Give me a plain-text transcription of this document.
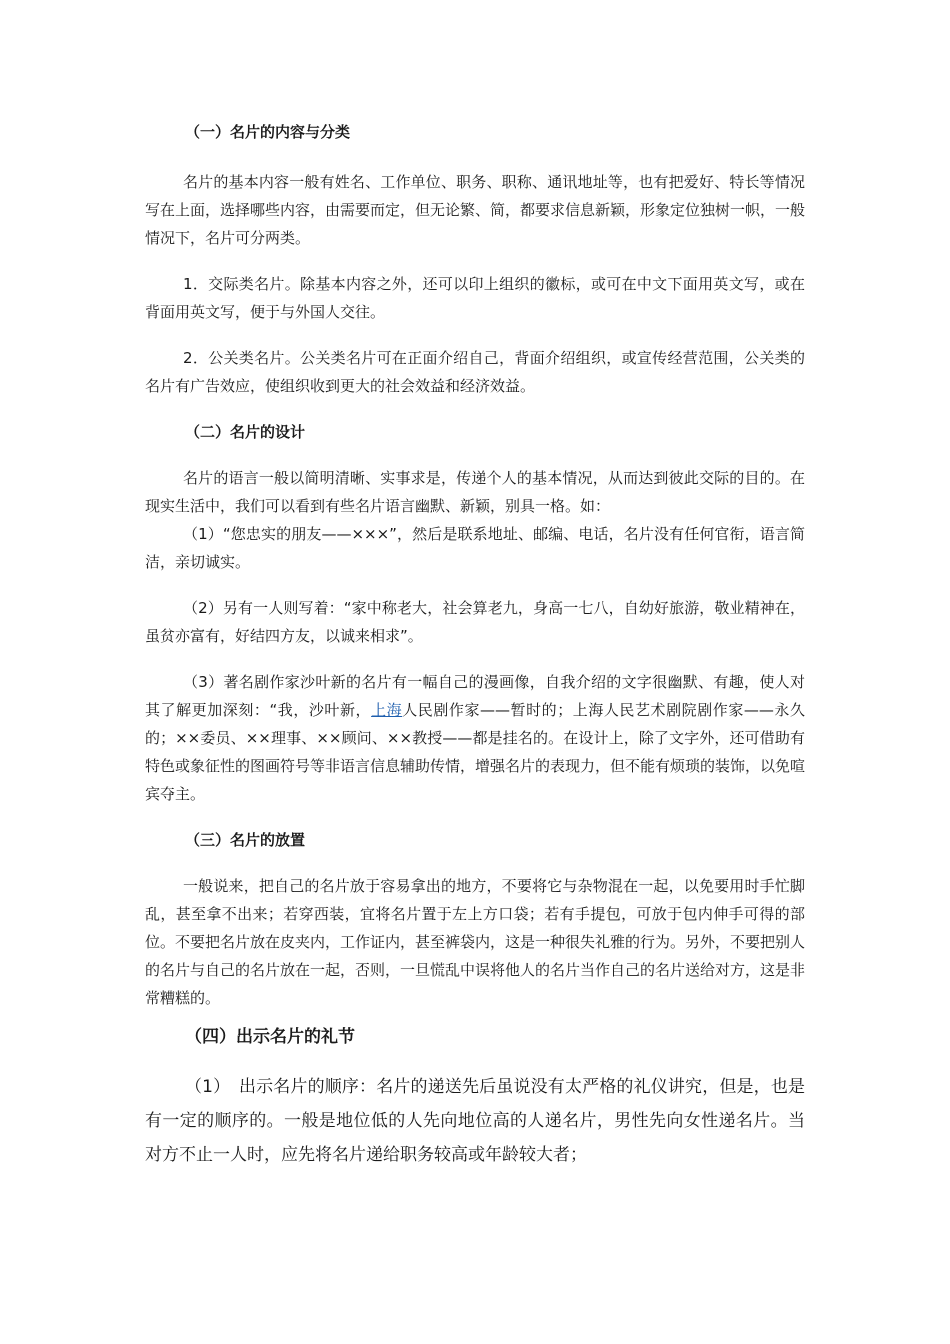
（一）名片的内容与分类

名片的基本内容一般有姓名、工作单位、职务、职称、通讯地址等，也有把爱好、特长等情况写在上面，选择哪些内容，由需要而定，但无论繁、简，都要求信息新颖，形象定位独树一帜，一般情况下，名片可分两类。

1．交际类名片。除基本内容之外，还可以印上组织的徽标，或可在中文下面用英文写，或在背面用英文写，便于与外国人交往。

2．公关类名片。公关类名片可在正面介绍自己，背面介绍组织，或宣传经营范围，公关类的名片有广告效应，使组织收到更大的社会效益和经济效益。

（二）名片的设计

名片的语言一般以简明清晰、实事求是，传递个人的基本情况，从而达到彼此交际的目的。在现实生活中，我们可以看到有些名片语言幽默、新颖，别具一格。如：

（1）“您忠实的朋友——×××”，然后是联系地址、邮编、电话，名片没有任何官衔，语言简洁，亲切诚实。

（2）另有一人则写着：“家中称老大，社会算老九，身高一七八，自幼好旅游，敬业精神在，虽贫亦富有，好结四方友，以诚来相求”。

（3）著名剧作家沙叶新的名片有一幅自己的漫画像，自我介绍的文字很幽默、有趣，使人对其了解更加深刻：“我，沙叶新，上海人民剧作家——暂时的；上海人民艺术剧院剧作家——永久的；××委员、××理事、××顾问、××教授——都是挂名的。在设计上，除了文字外，还可借助有特色或象征性的图画符号等非语言信息辅助传情，增强名片的表现力，但不能有烦琐的装饰，以免喧宾夺主。

（三）名片的放置

一般说来，把自己的名片放于容易拿出的地方，不要将它与杂物混在一起，以免要用时手忙脚乱，甚至拿不出来；若穿西装，宜将名片置于左上方口袋；若有手提包，可放于包内伸手可得的部位。不要把名片放在皮夹内，工作证内，甚至裤袋内，这是一种很失礼雅的行为。另外，不要把别人的名片与自己的名片放在一起，否则，一旦慌乱中误将他人的名片当作自己的名片送给对方，这是非常糟糕的。

（四）出示名片的礼节

（1）　出示名片的顺序：名片的递送先后虽说没有太严格的礼仪讲究，但是，也是有一定的顺序的。一般是地位低的人先向地位高的人递名片，男性先向女性递名片。当对方不止一人时，应先将名片递给职务较高或年龄较大者；
